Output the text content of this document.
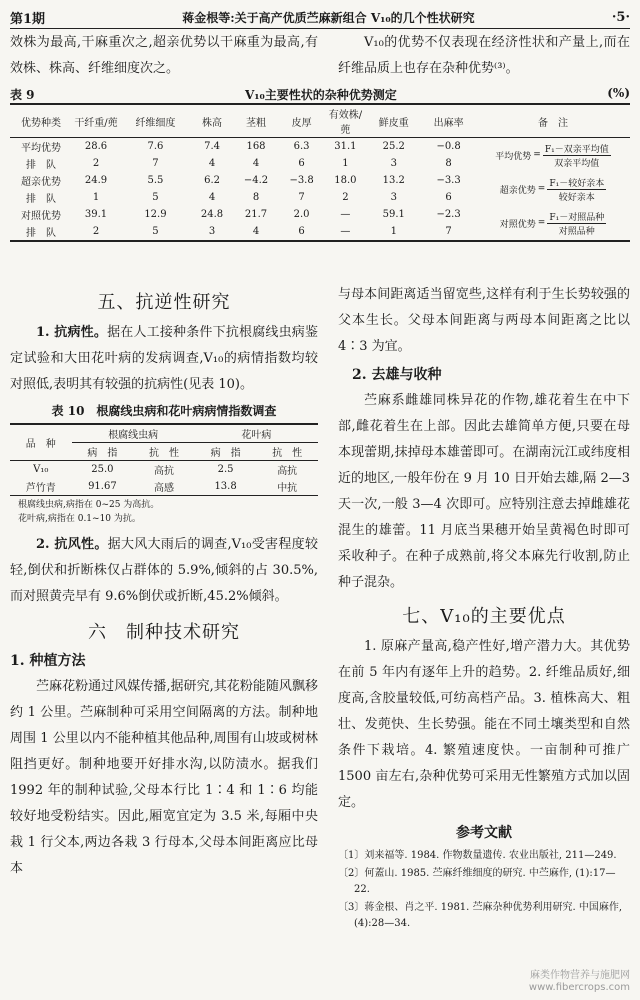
第1期	蒋金根等:关于高产优质苎麻新组合 V₁₀的几个性状研究	·5·

效株为最高,干麻重次之,超亲优势以干麻重为最高,有效株、株高、纤维细度次之。

V₁₀的优势不仅表现在经济性状和产量上,而在纤维品质上也存在杂种优势⁽³⁾。

表 9	V₁₀主要性状的杂种优势测定	(%)
优势种类	干纤重/蔸	纤维细度	株高	茎粗	皮厚	有效株/蔸	鲜皮重	出麻率	备　注
平均优势	28.6	7.6	7.4	168	6.3	31.1	25.2	−0.8	平均优势 = $\frac{\text{F₁－双亲平均值}}{\text{双亲平均值}}$

排　队	2	7	4	4	6	1	3	8	
超亲优势	24.9	5.5	6.2	−4.2	−3.8	18.0	13.2	−3.3	超亲优势 = $\frac{\text{F₁－较好亲本}}{\text{较好亲本}}$

排　队	1	5	4	8	7	2	3	6	
对照优势	39.1	12.9	24.8	21.7	2.0	—	59.1	−2.3	对照优势 = $\frac{\text{F₁－对照品种}}{\text{对照品种}}$

排　队	2	5	3	4	6	—	1	7	
五、抗逆性研究

1. 抗病性。据在人工接种条件下抗根腐线虫病鉴定试验和大田花叶病的发病调查,V₁₀的病情指数均较对照低,表明其有较强的抗病性(见表 10)。

表 10　根腐线虫病和花叶病病情指数调查
品　种	根腐线虫病		花叶病	
	病　指	抗　性	病　指	抗　性
V₁₀	25.0	高抗	2.5	高抗
芦竹青	91.67	高感	13.8	中抗
根腐线虫病,病指在 0~25 为高抗。
花叶病,病指在 0.1~10 为抗。

2. 抗风性。据大风大雨后的调查,V₁₀受害程度较轻,倒伏和折断株仅占群体的 5.9%,倾斜的占 30.5%,而对照黄壳早有 9.6%倒伏或折断,45.2%倾斜。

六　制种技术研究
1. 种植方法

苎麻花粉通过风媒传播,据研究,其花粉能随风飘移约 1 公里。苎麻制种可采用空间隔离的方法。制种地周围 1 公里以内不能种植其他品种,周围有山坡或树林阻挡更好。制种地要开好排水沟,以防渍水。据我们 1992 年的制种试验,父母本行比 1∶4 和 1∶6 均能较好地受粉结实。因此,厢宽宜定为 3.5 米,每厢中央栽 1 行父本,两边各栽 3 行母本,父母本间距离应比母本

与母本间距离适当留宽些,这样有利于生长势较强的父本生长。父母本间距离与两母本间距离之比以 4∶3 为宜。

2. 去雄与收种

苎麻系雌雄同株异花的作物,雄花着生在中下部,雌花着生在上部。因此去雄简单方便,只要在母本现蕾期,抹掉母本雄蕾即可。在湖南沅江或纬度相近的地区,一般年份在 9 月 10 日开始去雄,隔 2—3 天一次,一般 3—4 次即可。应特别注意去掉雌雄花混生的雄蕾。11 月底当果穗开始呈黄褐色时即可采收种子。在种子成熟前,将父本麻先行收割,防止种子混杂。

七、V₁₀的主要优点

1. 原麻产量高,稳产性好,增产潜力大。其优势在前 5 年内有逐年上升的趋势。2. 纤维品质好,细度高,含胶量较低,可纺高档产品。3. 植株高大、粗壮、发蔸快、生长势强。能在不同土壤类型和自然条件下栽培。4. 繁殖速度快。一亩制种可推广 1500 亩左右,杂种优势可采用无性繁殖方式加以固定。

参考文献

〔1〕刘来福等. 1984. 作物数量遗传. 农业出版社, 211—249.

〔2〕何蓋山. 1985. 苎麻纤维细度的研究. 中苎麻作, (1):17—22.

〔3〕蒋金根、肖之平. 1981. 苎麻杂种优势利用研究. 中国麻作, (4):28—34.

麻类作物营养与施肥网
www.fibercrops.com
